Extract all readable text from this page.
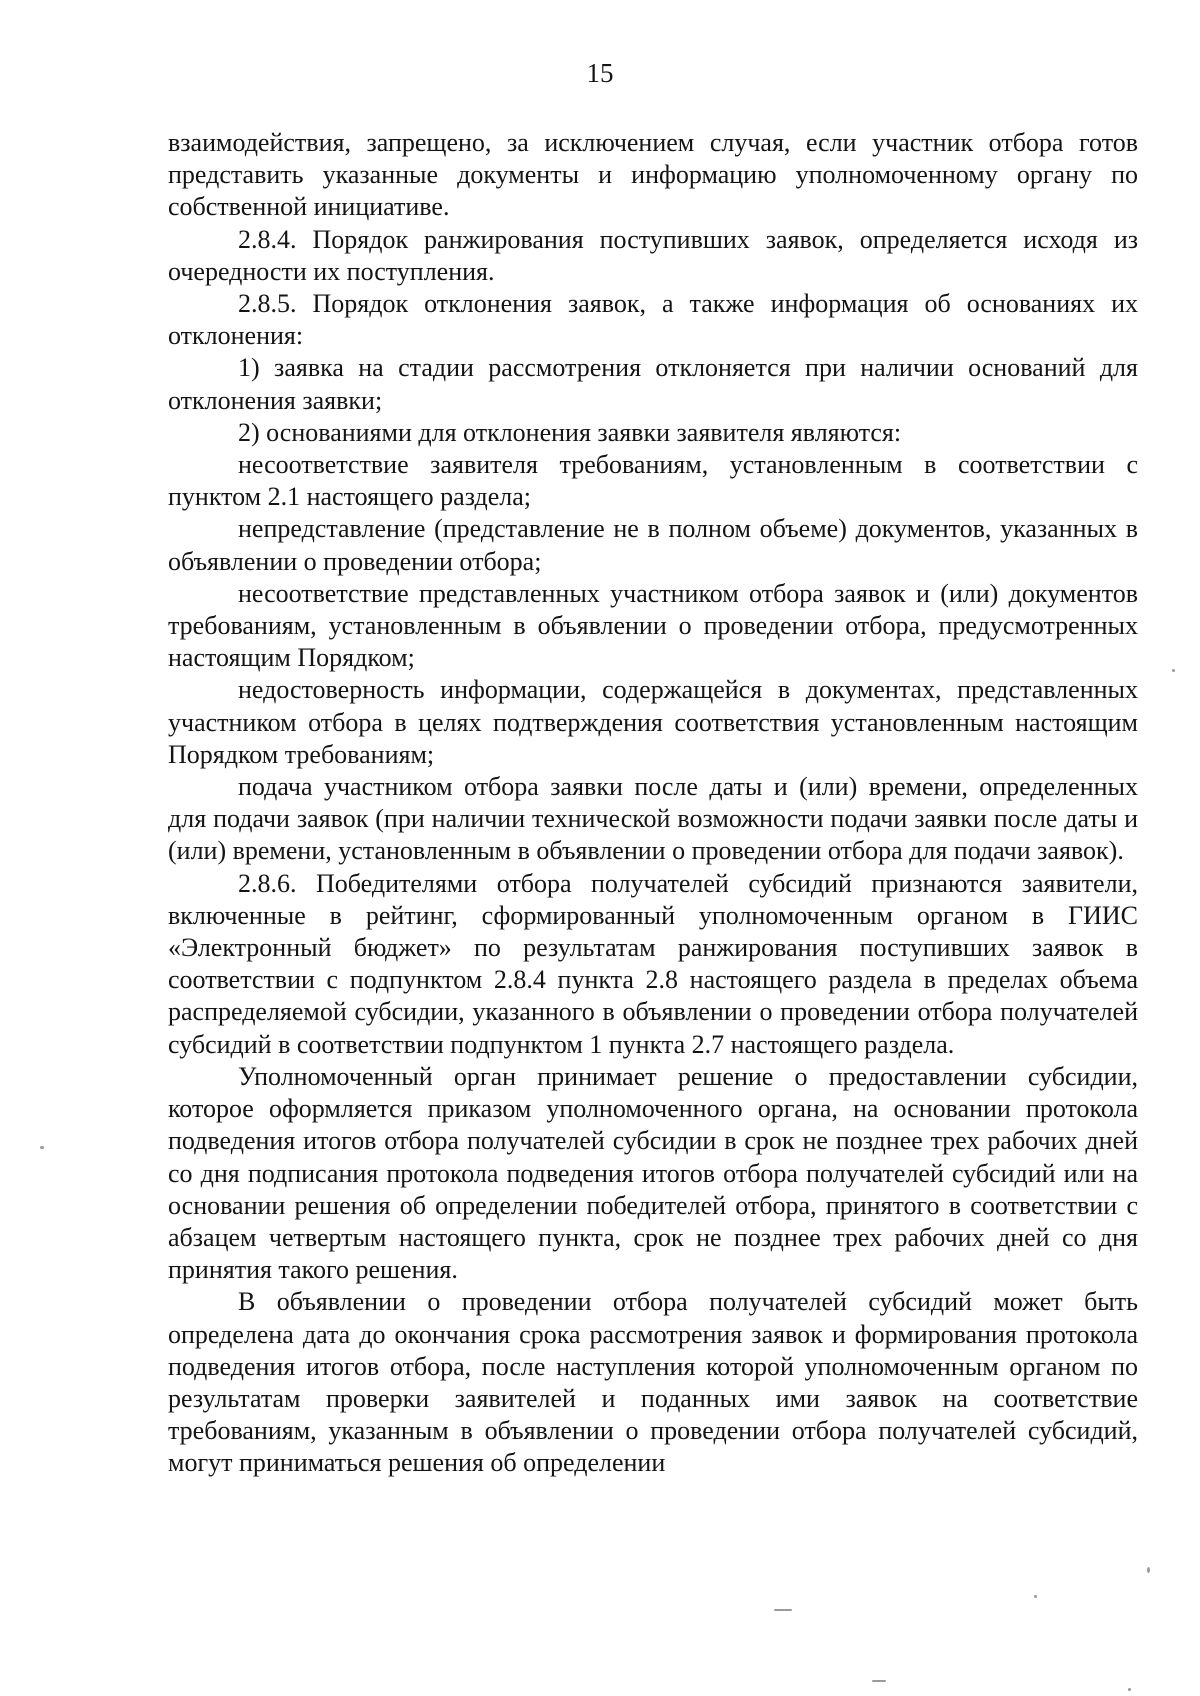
15

взаимодействия, запрещено, за исключением случая, если участник отбора готов представить указанные документы и информацию уполномоченному органу по собственной инициативе.

2.8.4. Порядок ранжирования поступивших заявок, определяется исходя из очередности их поступления.

2.8.5. Порядок отклонения заявок, а также информация об основаниях их отклонения:

1) заявка на стадии рассмотрения отклоняется при наличии оснований для отклонения заявки;

2) основаниями для отклонения заявки заявителя являются:

несоответствие заявителя требованиям, установленным в соответствии с пунктом 2.1 настоящего раздела;

непредставление (представление не в полном объеме) документов, указанных в объявлении о проведении отбора;

несоответствие представленных участником отбора заявок и (или) документов требованиям, установленным в объявлении о проведении отбора, предусмотренных настоящим Порядком;

недостоверность информации, содержащейся в документах, представленных участником отбора в целях подтверждения соответствия установленным настоящим Порядком требованиям;

подача участником отбора заявки после даты и (или) времени, определенных для подачи заявок (при наличии технической возможности подачи заявки после даты и (или) времени, установленным в объявлении о проведении отбора для подачи заявок).

2.8.6. Победителями отбора получателей субсидий признаются заявители, включенные в рейтинг, сформированный уполномоченным органом в ГИИС «Электронный бюджет» по результатам ранжирования поступивших заявок в соответствии с подпунктом 2.8.4 пункта 2.8 настоящего раздела в пределах объема распределяемой субсидии, указанного в объявлении о проведении отбора получателей субсидий в соответствии подпунктом 1 пункта 2.7 настоящего раздела.

Уполномоченный орган принимает решение о предоставлении субсидии, которое оформляется приказом уполномоченного органа, на основании протокола подведения итогов отбора получателей субсидии в срок не позднее трех рабочих дней со дня подписания протокола подведения итогов отбора получателей субсидий или на основании решения об определении победителей отбора, принятого в соответствии с абзацем четвертым настоящего пункта, срок не позднее трех рабочих дней со дня принятия такого решения.

В объявлении о проведении отбора получателей субсидий может быть определена дата до окончания срока рассмотрения заявок и формирования протокола подведения итогов отбора, после наступления которой уполномоченным органом по результатам проверки заявителей и поданных ими заявок на соответствие требованиям, указанным в объявлении о проведении отбора получателей субсидий, могут приниматься решения об определении
